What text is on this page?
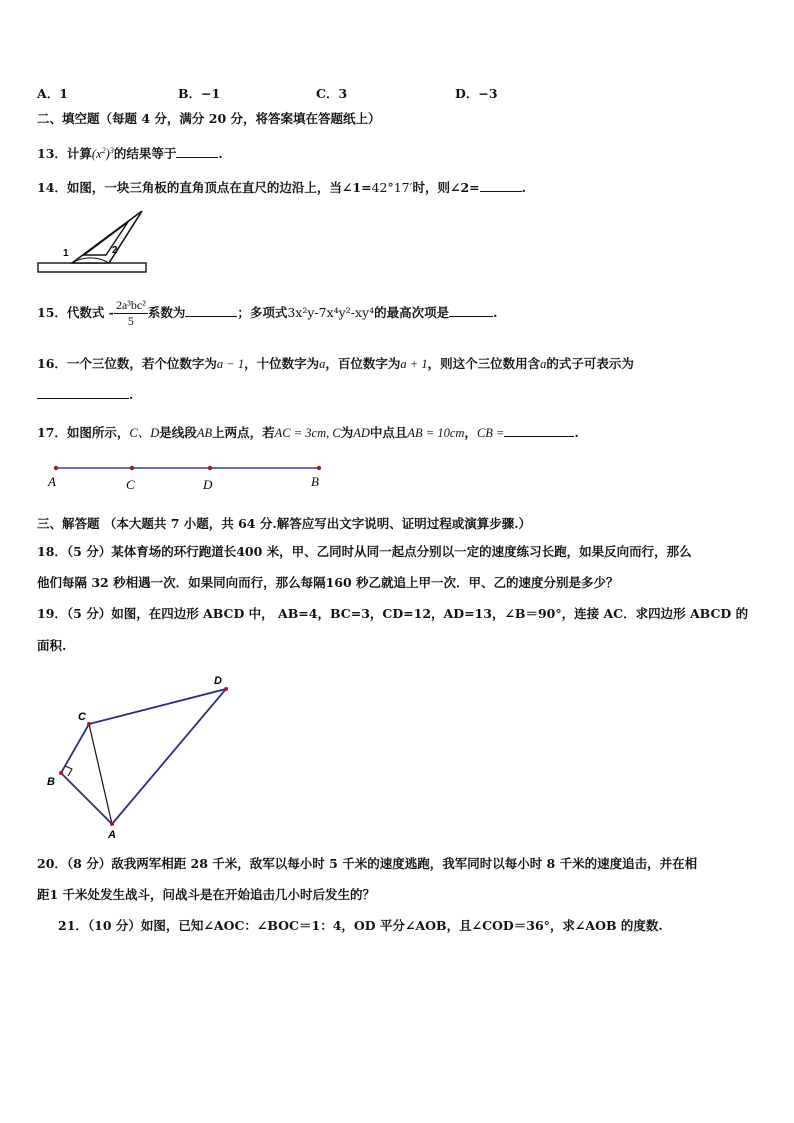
A．1	B．−1	C．3	D．−3
二、填空题（每题 4 分，满分 20 分，将答案填在答题纸上）
13．计算$(x^2)^3$的结果等于	.
14．如图，一块三角板的直角顶点在直尺的边沿上，当∠1=42°17′时，则∠2=	.
1	2
15．代数式 - $\frac{\text{2a³bc²}}{5}$ 系数为	；多项式3x²y-7x⁴y²-xy⁴的最高次项是	.
16．一个三位数，若个位数字为a − 1，十位数字为a，百位数字为a + 1，则这个三位数用含a的式子可表示为
.
17．如图所示，C、D是线段AB上两点，若AC = 3cm, C为AD中点且AB = 10cm，CB =	.
A	C	D	B
三、解答题 （本大题共 7 小题，共 64 分.解答应写出文字说明、证明过程或演算步骤.）
18．（5 分）某体育场的环行跑道长400 米，甲、乙同时从同一起点分别以一定的速度练习长跑，如果反向而行，那么
他们每隔 32 秒相遇一次．如果同向而行，那么每隔160 秒乙就追上甲一次．甲、乙的速度分别是多少？
19．（5 分）如图，在四边形 ABCD 中， AB=4，BC=3，CD=12，AD=13，∠B＝90°，连接 AC．求四边形 ABCD 的
面积.
A
B
C
D
20．（8 分）敌我两军相距 28 千米，敌军以每小时 5 千米的速度逃跑，我军同时以每小时 8 千米的速度追击，并在相
距1 千米处发生战斗，问战斗是在开始追击几小时后发生的？
21．（10 分）如图，已知∠AOC：∠BOC＝1：4，OD 平分∠AOB，且∠COD＝36°，求∠AOB 的度数.
